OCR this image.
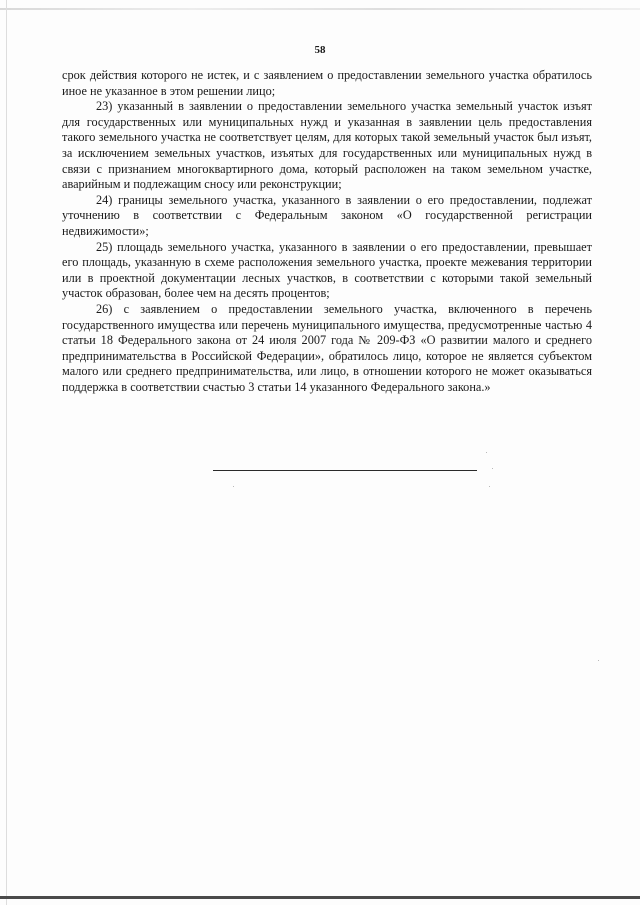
58

срок действия которого не истек, и с заявлением о предоставлении земельного участка обратилось иное не указанное в этом решении лицо;

23) указанный в заявлении о предоставлении земельного участка земельный участок изъят для государственных или муниципальных нужд и указанная в заявлении цель предоставления такого земельного участка не соответствует целям, для которых такой земельный участок был изъят, за исключением земельных участков, изъятых для государственных или муниципальных нужд в связи с признанием многоквартирного дома, который расположен на таком земельном участке, аварийным и подлежащим сносу или реконструкции;

24) границы земельного участка, указанного в заявлении о его предоставлении, подлежат уточнению в соответствии с Федеральным законом «О государственной регистрации недвижимости»;

25) площадь земельного участка, указанного в заявлении о его предоставлении, превышает его площадь, указанную в схеме расположения земельного участка, проекте межевания территории или в проектной документации лесных участков, в соответствии с которыми такой земельный участок образован, более чем на десять процентов;

26) с заявлением о предоставлении земельного участка, включенного в перечень государственного имущества или перечень муниципального имущества, предусмотренные частью 4 статьи 18 Федерального закона от 24 июля 2007 года № 209-ФЗ «О развитии малого и среднего предпринимательства в Российской Федерации», обратилось лицо, которое не является субъектом малого или среднего предпринимательства, или лицо, в отношении которого не может оказываться поддержка в соответствии счастью 3 статьи 14 указанного Федерального закона.»
